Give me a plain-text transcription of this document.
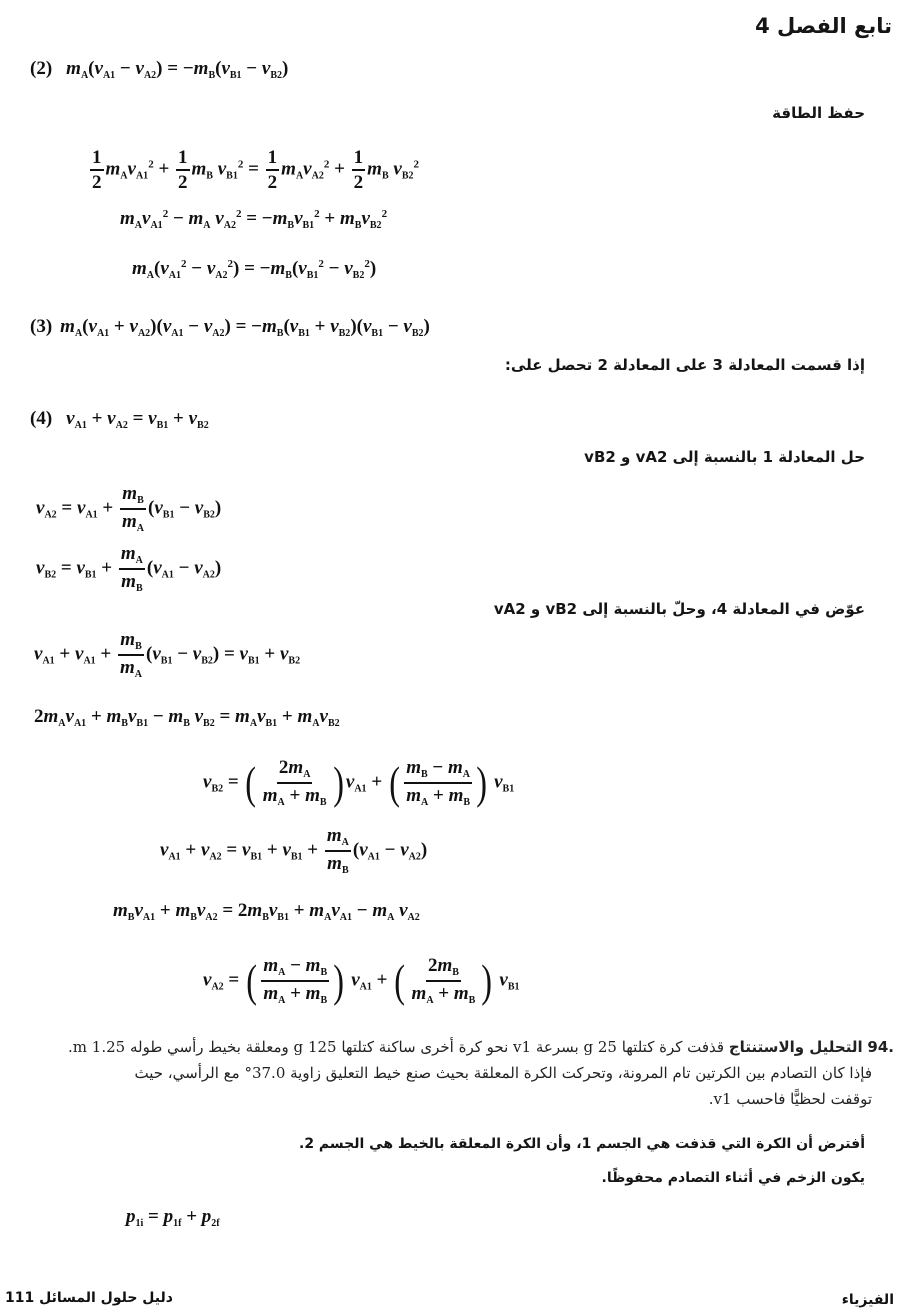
تابع الفصل 4
(2) $m_A(v_{A1} - v_{A2}) = -m_B(v_{B1} - v_{B2})$
حفظ الطاقة
$\frac{1}{2} m_Av_{A1}^2 + \frac{1}{2} m_B$ $v_{B1}^2 = \frac{1}{2} m_Av_{A2}^2 + \frac{1}{2} m_B$ $v_{B2}^2$
$m_Av_{A1}^2 - m_A$ $v_{A2}^2 = -m_Bv_{B1}^2 + m_Bv_{B2}^2$
$m_A(v_{A1}^2 - v_{A2}^2) = -m_B(v_{B1}^2 - v_{B2}^2)$
(3) $m_A(v_{A1} + v_{A2})(v_{A1} - v_{A2}) = -m_B(v_{B1} + v_{B2})(v_{B1} - v_{B2})$
إذا قسمت المعادلة 3 على المعادلة 2 تحصل على:
(4) $v_{A1} + v_{A2} = v_{B1} + v_{B2}$
حل المعادلة 1 بالنسبة إلى vA2 و vB2
$v_{A2} = v_{A1} + \frac{m_B}{m_A} (v_{B1} - v_{B2})$
$v_{B2} = v_{B1} + \frac{m_A}{m_B} (v_{A1} - v_{A2})$
عوّض في المعادلة 4، وحلّ بالنسبة إلى vB2 و vA2
$v_{A1} + v_{A1} + \frac{m_B}{m_A} (v_{B1} - v_{B2}) = v_{B1} + v_{B2}$
$2m_Av_{A1} + m_Bv_{B1} - m_B$ $v_{B2} = m_Av_{B1} + m_Av_{B2}$
$v_{B2}$ = ( $\frac{2m_A}{m_A + m_B}$ ) $v_{A1}$ + ( $\frac{m_B - m_A}{m_A + m_B}$ ) $v_{B1}$
$v_{A1} + v_{A2} = v_{B1} + v_{B1} + \frac{m_A}{m_B} (v_{A1} - v_{A2})$
$m_Bv_{A1} + m_Bv_{A2} = 2m_Bv_{B1} + m_Av_{A1} - m_A$ $v_{A2}$
$v_{A2}$ = ( $\frac{m_A - m_B}{m_A + m_B}$ ) $v_{A1}$ + ( $\frac{2m_B}{m_A + m_B}$ ) $v_{B1}$
.94 التحليل والاستنتاج قذفت كرة كتلتها 25 g بسرعة v1 نحو كرة أخرى ساكنة كتلتها 125 g ومعلقة بخيط رأسي طوله 1.25 m.
فإذا كان التصادم بين الكرتين تام المرونة، وتحركت الكرة المعلقة بحيث صنع خيط التعليق زاوية 37.0° مع الرأسي، حيث
توقفت لحظيًّا فاحسب v1.
أفترض أن الكرة التي قذفت هي الجسم 1، وأن الكرة المعلقة بالخيط هي الجسم 2.
يكون الزخم في أثناء التصادم محفوظًا.
$p_{1i} = p_{1f} + p_{2f}$
دليل حلول المسائل 111	الفيزياء
